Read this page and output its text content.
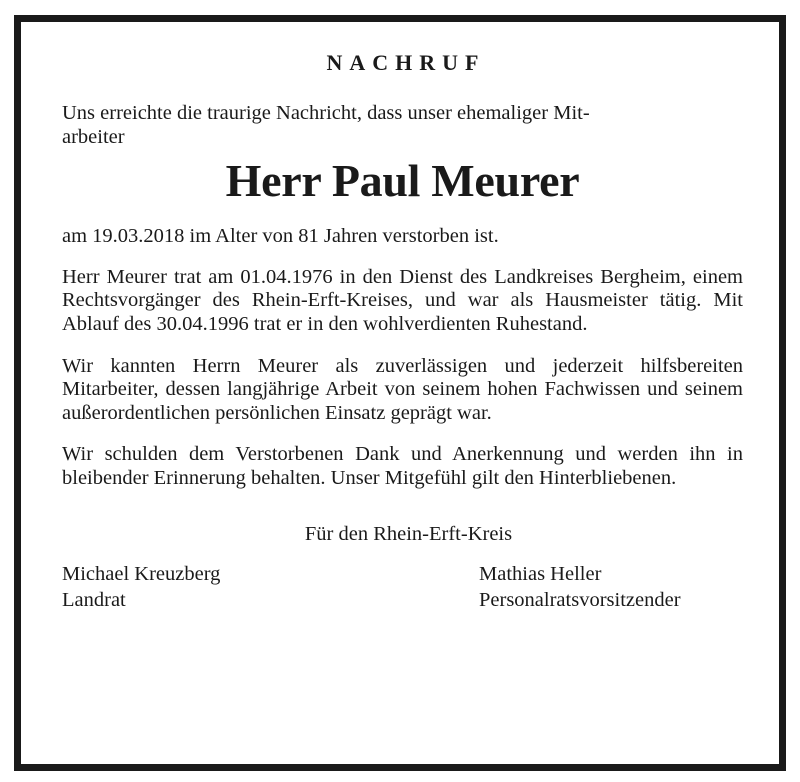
NACHRUF

Uns erreichte die traurige Nachricht, dass unser ehemaliger Mit-
arbeiter

Herr Paul Meurer

am 19.03.2018 im Alter von 81 Jahren verstorben ist.

Herr Meurer trat am 01.04.1976 in den Dienst des Landkreises Bergheim, einem Rechtsvorgänger des Rhein-Erft-Kreises, und war als Hausmeister tätig. Mit Ablauf des 30.04.1996 trat er in den wohlverdienten Ruhestand.

Wir kannten Herrn Meurer als zuverlässigen und jederzeit hilfsbereiten Mitarbeiter, dessen langjährige Arbeit von seinem hohen Fachwissen und seinem außerordentlichen persönlichen Einsatz geprägt war.

Wir schulden dem Verstorbenen Dank und Anerkennung und werden ihn in bleibender Erinnerung behalten. Unser Mitgefühl gilt den Hinterbliebenen.

Für den Rhein-Erft-Kreis
Michael Kreuzberg
Landrat
Mathias Heller
Personalratsvorsitzender
